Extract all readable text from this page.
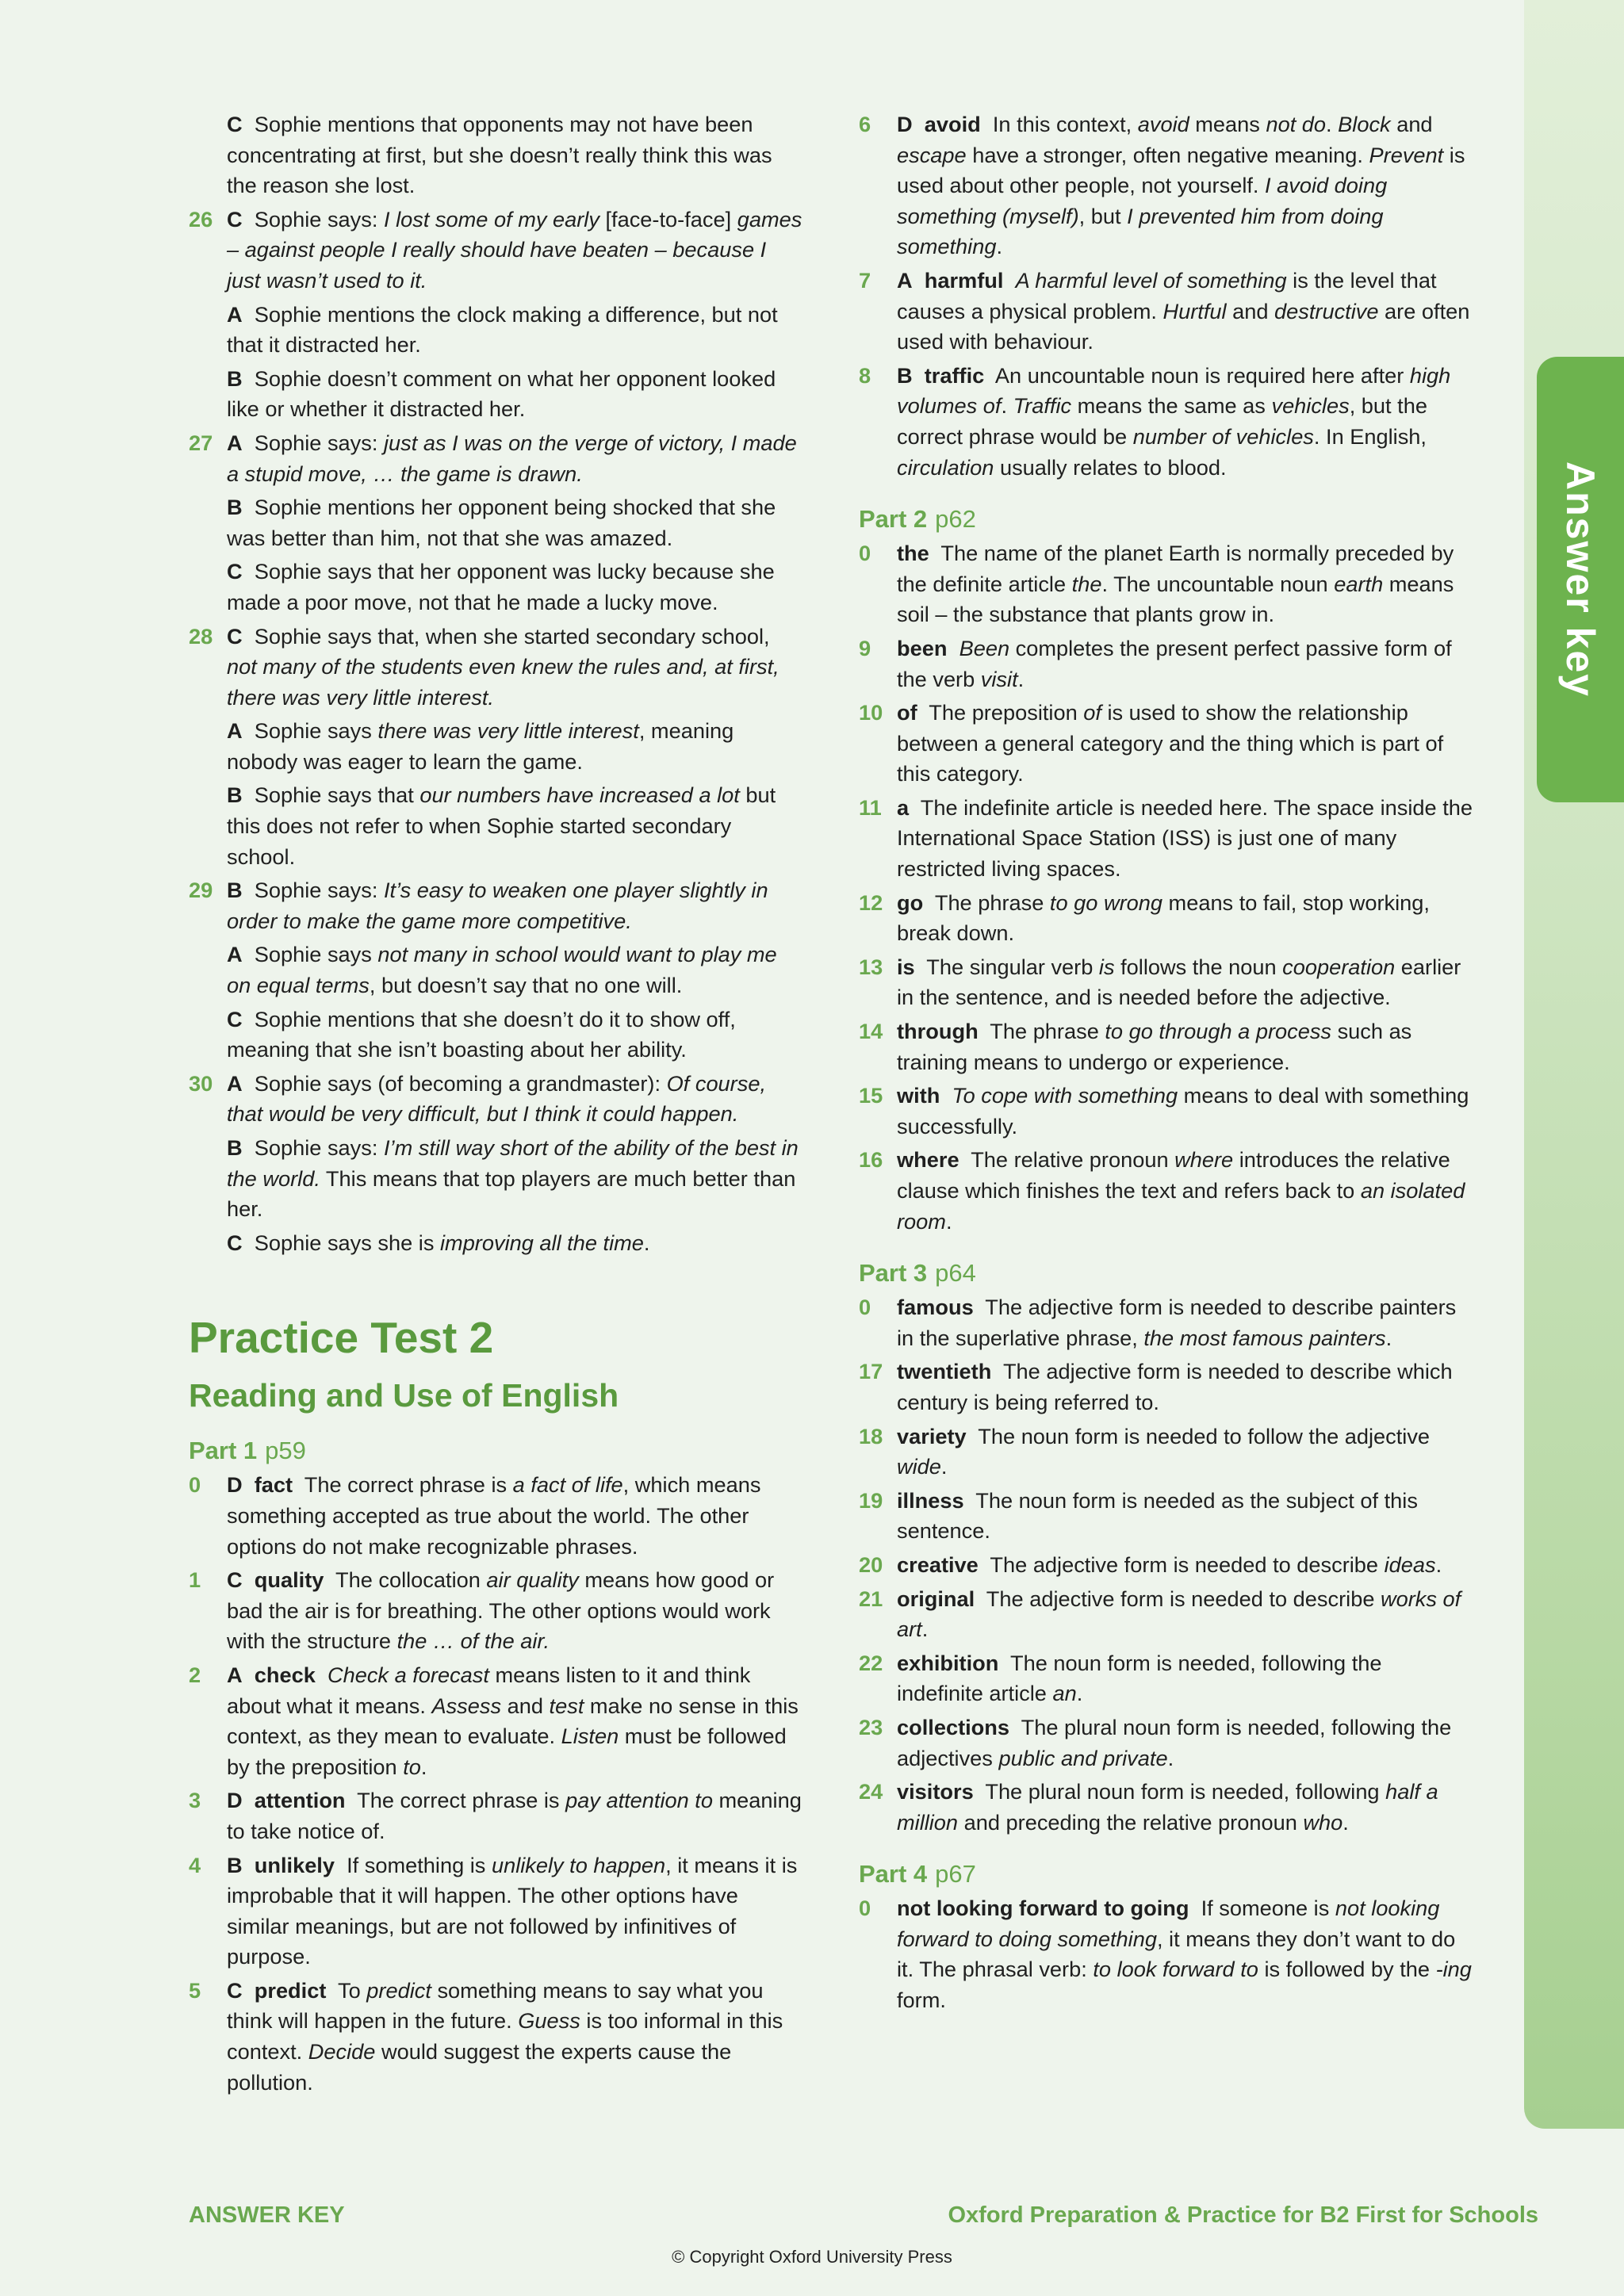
Answer key
C Sophie mentions that opponents may not have been concentrating at first, but she doesn’t really think this was the reason she lost.
26 C Sophie says: I lost some of my early [face-to-face] games – against people I really should have beaten – because I just wasn’t used to it.
A Sophie mentions the clock making a difference, but not that it distracted her.
B Sophie doesn’t comment on what her opponent looked like or whether it distracted her.
27 A Sophie says: just as I was on the verge of victory, I made a stupid move, … the game is drawn.
B Sophie mentions her opponent being shocked that she was better than him, not that she was amazed.
C Sophie says that her opponent was lucky because she made a poor move, not that he made a lucky move.
28 C Sophie says that, when she started secondary school, not many of the students even knew the rules and, at first, there was very little interest.
A Sophie says there was very little interest, meaning nobody was eager to learn the game.
B Sophie says that our numbers have increased a lot but this does not refer to when Sophie started secondary school.
29 B Sophie says: It’s easy to weaken one player slightly in order to make the game more competitive.
A Sophie says not many in school would want to play me on equal terms, but doesn’t say that no one will.
C Sophie mentions that she doesn’t do it to show off, meaning that she isn’t boasting about her ability.
30 A Sophie says (of becoming a grandmaster): Of course, that would be very difficult, but I think it could happen.
B Sophie says: I’m still way short of the ability of the best in the world. This means that top players are much better than her.
C Sophie says she is improving all the time.
Practice Test 2
Reading and Use of English
Part 1 p59
0 D fact  The correct phrase is a fact of life, which means something accepted as true about the world. The other options do not make recognizable phrases.
1 C quality  The collocation air quality means how good or bad the air is for breathing. The other options would work with the structure the … of the air.
2 A check Check a forecast means listen to it and think about what it means. Assess and test make no sense in this context, as they mean to evaluate. Listen must be followed by the preposition to.
3 D attention  The correct phrase is pay attention to meaning to take notice of.
4 B unlikely  If something is unlikely to happen, it means it is improbable that it will happen. The other options have similar meanings, but are not followed by infinitives of purpose.
5 C predict  To predict something means to say what you think will happen in the future. Guess is too informal in this context. Decide would suggest the experts cause the pollution.
6 D avoid  In this context, avoid means not do. Block and escape have a stronger, often negative meaning. Prevent is used about other people, not yourself. I avoid doing something (myself), but I prevented him from doing something.
7 A harmful A harmful level of something is the level that causes a physical problem. Hurtful and destructive are often used with behaviour.
8 B traffic  An uncountable noun is required here after high volumes of. Traffic means the same as vehicles, but the correct phrase would be number of vehicles. In English, circulation usually relates to blood.
Part 2 p62
0 the  The name of the planet Earth is normally preceded by the definite article the. The uncountable noun earth means soil – the substance that plants grow in.
9 been Been completes the present perfect passive form of the verb visit.
10 of  The preposition of is used to show the relationship between a general category and the thing which is part of this category.
11 a  The indefinite article is needed here. The space inside the International Space Station (ISS) is just one of many restricted living spaces.
12 go  The phrase to go wrong means to fail, stop working, break down.
13 is  The singular verb is follows the noun cooperation earlier in the sentence, and is needed before the adjective.
14 through  The phrase to go through a process such as training means to undergo or experience.
15 with To cope with something means to deal with something successfully.
16 where  The relative pronoun where introduces the relative clause which finishes the text and refers back to an isolated room.
Part 3 p64
0 famous  The adjective form is needed to describe painters in the superlative phrase, the most famous painters.
17 twentieth  The adjective form is needed to describe which century is being referred to.
18 variety  The noun form is needed to follow the adjective wide.
19 illness  The noun form is needed as the subject of this sentence.
20 creative  The adjective form is needed to describe ideas.
21 original  The adjective form is needed to describe works of art.
22 exhibition  The noun form is needed, following the indefinite article an.
23 collections  The plural noun form is needed, following the adjectives public and private.
24 visitors  The plural noun form is needed, following half a million and preceding the relative pronoun who.
Part 4 p67
0 not looking forward to going  If someone is not looking forward to doing something, it means they don’t want to do it. The phrasal verb: to look forward to is followed by the -ing form.
ANSWER KEY	Oxford Preparation & Practice for B2 First for Schools
© Copyright Oxford University Press
